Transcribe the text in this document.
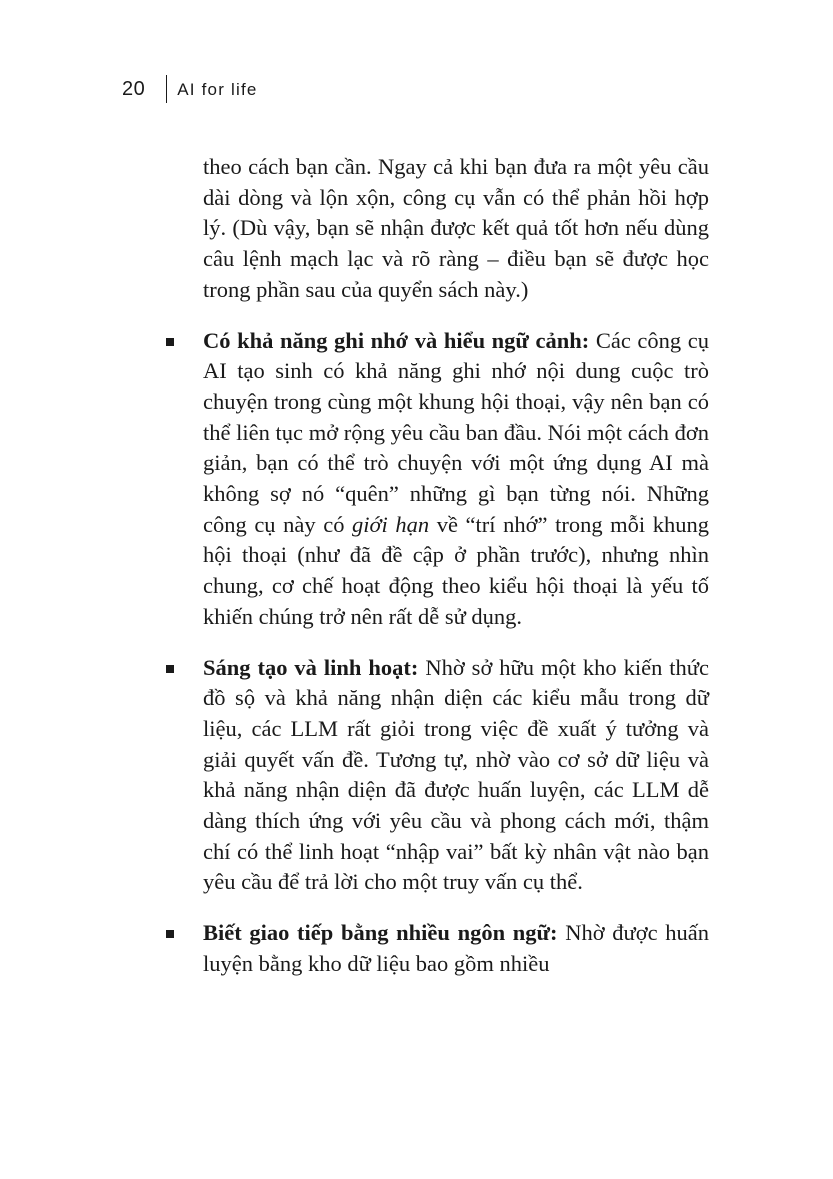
20 AI for life

theo cách bạn cần. Ngay cả khi bạn đưa ra một yêu cầu dài dòng và lộn xộn, công cụ vẫn có thể phản hồi hợp lý. (Dù vậy, bạn sẽ nhận được kết quả tốt hơn nếu dùng câu lệnh mạch lạc và rõ ràng – điều bạn sẽ được học trong phần sau của quyển sách này.)

Có khả năng ghi nhớ và hiểu ngữ cảnh: Các công cụ AI tạo sinh có khả năng ghi nhớ nội dung cuộc trò chuyện trong cùng một khung hội thoại, vậy nên bạn có thể liên tục mở rộng yêu cầu ban đầu. Nói một cách đơn giản, bạn có thể trò chuyện với một ứng dụng AI mà không sợ nó “quên” những gì bạn từng nói. Những công cụ này có giới hạn về “trí nhớ” trong mỗi khung hội thoại (như đã đề cập ở phần trước), nhưng nhìn chung, cơ chế hoạt động theo kiểu hội thoại là yếu tố khiến chúng trở nên rất dễ sử dụng.

Sáng tạo và linh hoạt: Nhờ sở hữu một kho kiến thức đồ sộ và khả năng nhận diện các kiểu mẫu trong dữ liệu, các LLM rất giỏi trong việc đề xuất ý tưởng và giải quyết vấn đề. Tương tự, nhờ vào cơ sở dữ liệu và khả năng nhận diện đã được huấn luyện, các LLM dễ dàng thích ứng với yêu cầu và phong cách mới, thậm chí có thể linh hoạt “nhập vai” bất kỳ nhân vật nào bạn yêu cầu để trả lời cho một truy vấn cụ thể.

Biết giao tiếp bằng nhiều ngôn ngữ: Nhờ được huấn luyện bằng kho dữ liệu bao gồm nhiều
